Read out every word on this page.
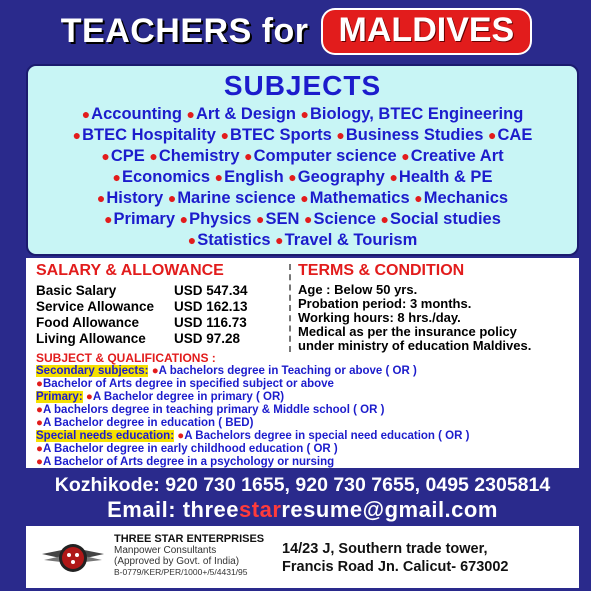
TEACHERS for MALDIVES
SUBJECTS
●Accounting ●Art & Design ●Biology, BTEC Engineering
●BTEC Hospitality ●BTEC Sports ●Business Studies ●CAE
●CPE ●Chemistry ●Computer science ●Creative Art
●Economics ●English ●Geography ●Health & PE
●History ●Marine science ●Mathematics ●Mechanics
●Primary ●Physics ●SEN ●Science ●Social studies
●Statistics ●Travel & Tourism
SALARY & ALLOWANCE
Basic Salary	USD 547.34
Service Allowance	USD 162.13
Food Allowance	USD 116.73
Living Allowance	USD 97.28
TERMS & CONDITION
Age : Below 50 yrs.
Probation period: 3 months.
Working hours: 8 hrs./day.
Medical as per the insurance policy
under ministry of education Maldives.
SUBJECT & QUALIFICATIONS :
Secondary subjects: ●A bachelors degree in Teaching or above ( OR )
●Bachelor of Arts degree in specified subject or above
Primary: ●A Bachelor degree in primary ( OR)
●A bachelors degree in teaching primary & Middle school ( OR )
●A Bachelor degree in education ( BED)
Special needs education: ●A Bachelors degree in special need education ( OR )
●A Bachelor degree in early childhood education ( OR )
●A Bachelor of Arts degree in a psychology or nursing
Kozhikode: 920 730 1655, 920 730 7655, 0495 2305814
Email: threestarresume@gmail.com
THREE STAR ENTERPRISES
Manpower Consultants
(Approved by Govt. of India)
B-0779/KER/PER/1000+/5/4431/95
14/23 J, Southern trade tower,
Francis Road Jn. Calicut- 673002
